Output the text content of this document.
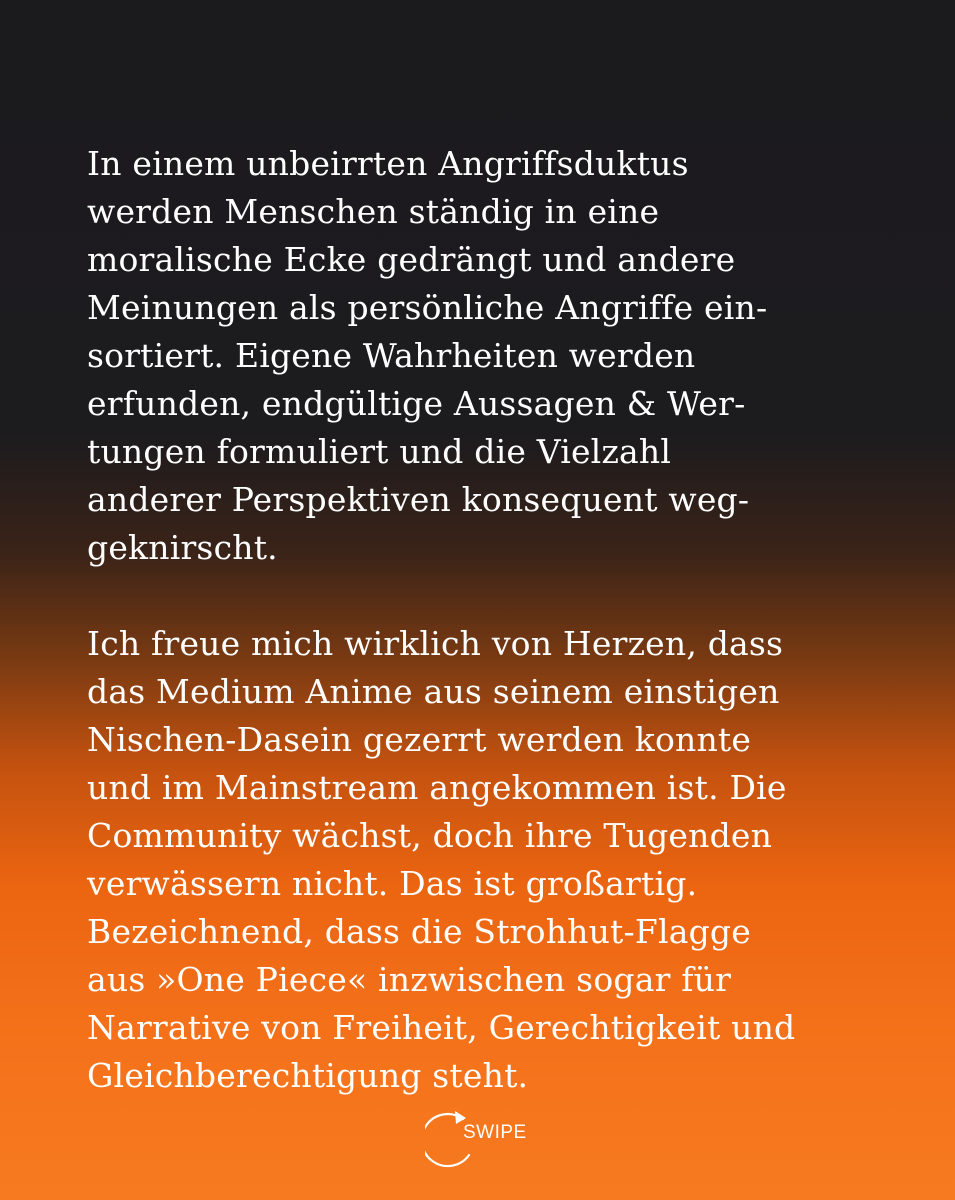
In einem unbeirrten Angriffsduktus
werden Menschen ständig in eine
moralische Ecke gedrängt und andere
Meinungen als persönliche Angriffe ein-
sortiert. Eigene Wahrheiten werden
erfunden, endgültige Aussagen & Wer-
tungen formuliert und die Vielzahl
anderer Perspektiven konsequent weg-
geknirscht.

Ich freue mich wirklich von Herzen, dass
das Medium Anime aus seinem einstigen
Nischen-Dasein gezerrt werden konnte
und im Mainstream angekommen ist. Die
Community wächst, doch ihre Tugenden
verwässern nicht. Das ist großartig.
Bezeichnend, dass die Strohhut-Flagge
aus »One Piece« inzwischen sogar für
Narrative von Freiheit, Gerechtigkeit und
Gleichberechtigung steht.

SWIPE
